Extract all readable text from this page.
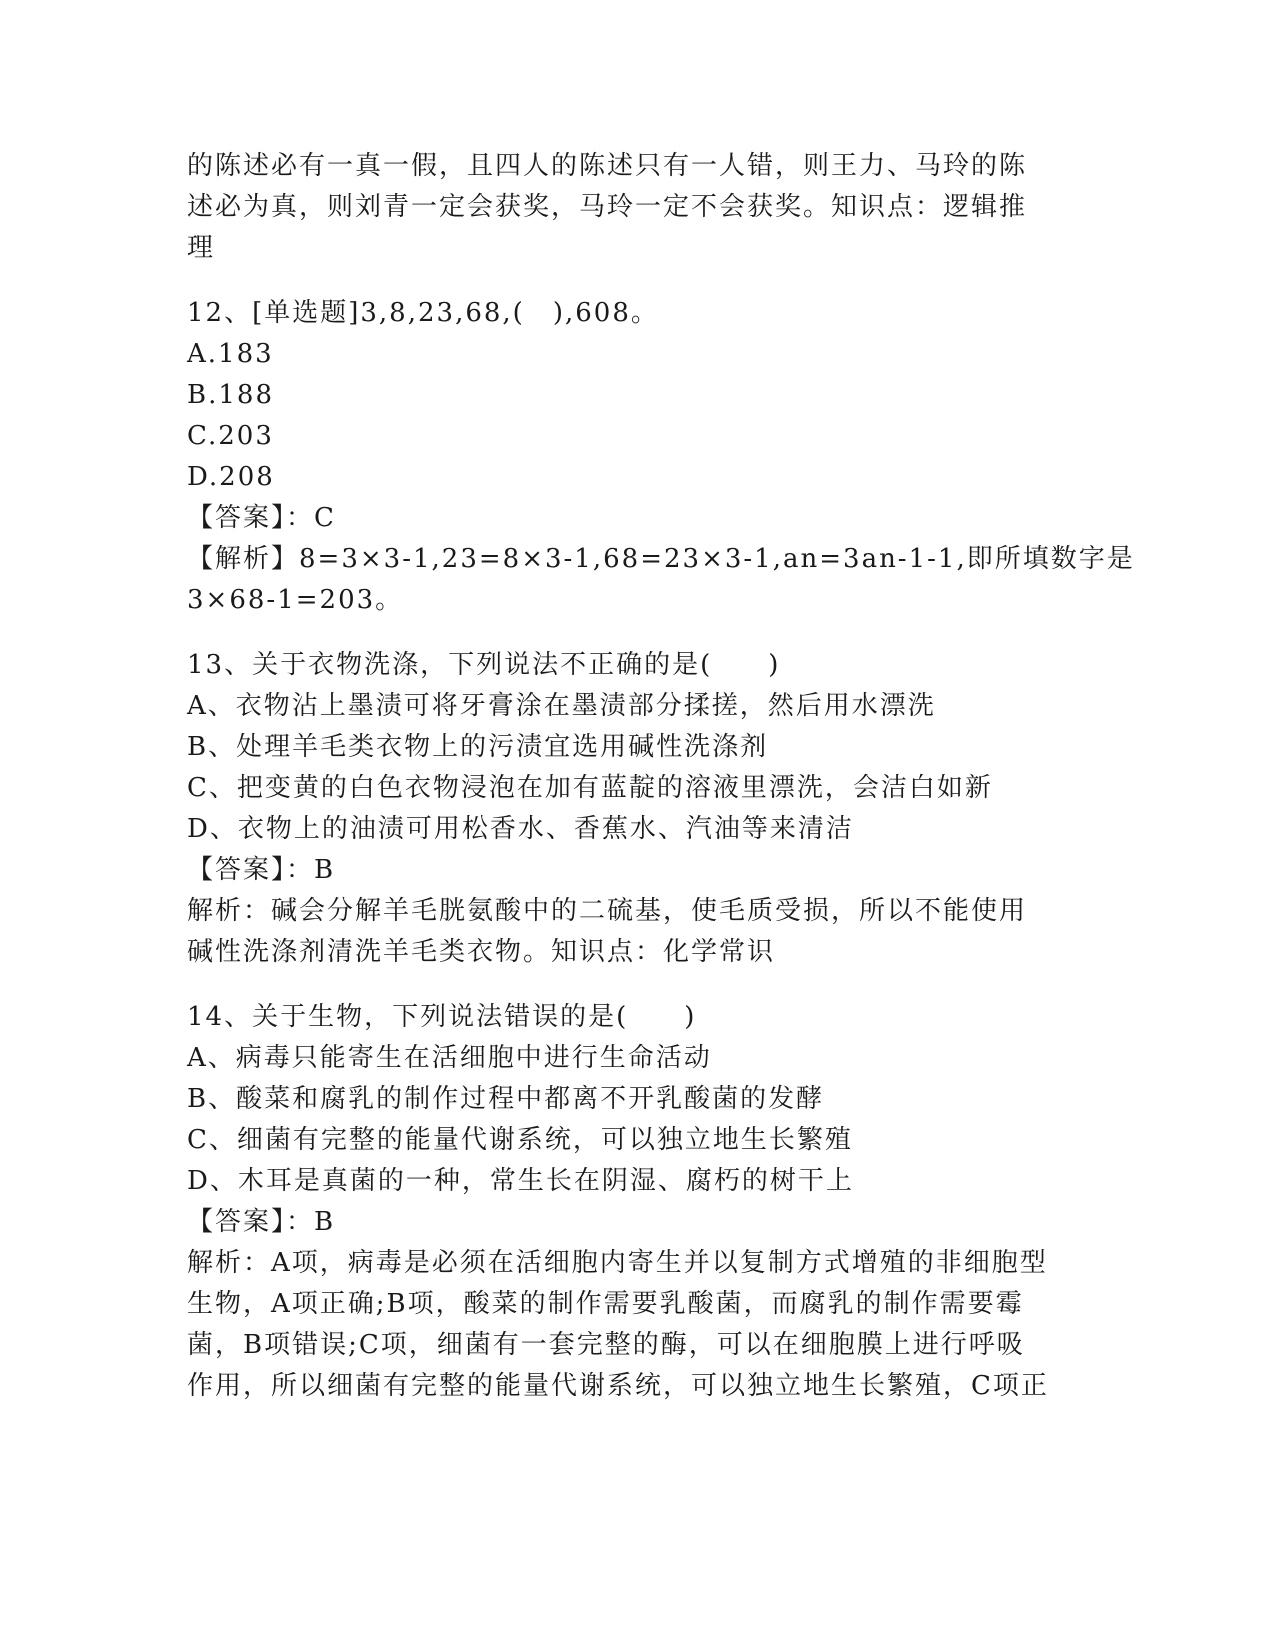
的陈述必有一真一假，且四人的陈述只有一人错，则王力、马玲的陈
述必为真，则刘青一定会获奖，马玲一定不会获奖。知识点：逻辑推
理
12、[单选题]3,8,23,68,(　),608。
A.183
B.188
C.203
D.208
【答案】：C
【解析】8=3×3-1,23=8×3-1,68=23×3-1,an=3an-1-1,即所填数字是
3×68-1=203。
13、关于衣物洗涤，下列说法不正确的是(　　)
A、衣物沾上墨渍可将牙膏涂在墨渍部分揉搓，然后用水漂洗
B、处理羊毛类衣物上的污渍宜选用碱性洗涤剂
C、把变黄的白色衣物浸泡在加有蓝靛的溶液里漂洗，会洁白如新
D、衣物上的油渍可用松香水、香蕉水、汽油等来清洁
【答案】：B
解析：碱会分解羊毛胱氨酸中的二硫基，使毛质受损，所以不能使用
碱性洗涤剂清洗羊毛类衣物。知识点：化学常识
14、关于生物，下列说法错误的是(　　)
A、病毒只能寄生在活细胞中进行生命活动
B、酸菜和腐乳的制作过程中都离不开乳酸菌的发酵
C、细菌有完整的能量代谢系统，可以独立地生长繁殖
D、木耳是真菌的一种，常生长在阴湿、腐朽的树干上
【答案】：B
解析：A项，病毒是必须在活细胞内寄生并以复制方式增殖的非细胞型
生物，A项正确;B项，酸菜的制作需要乳酸菌，而腐乳的制作需要霉
菌，B项错误;C项，细菌有一套完整的酶，可以在细胞膜上进行呼吸
作用，所以细菌有完整的能量代谢系统，可以独立地生长繁殖，C项正
